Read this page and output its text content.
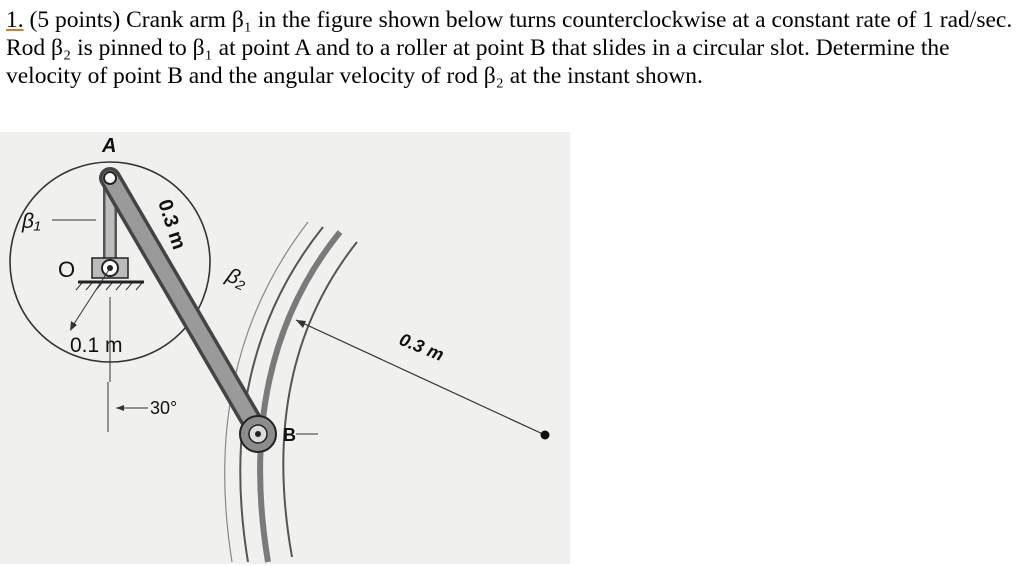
1. (5 points) Crank arm β₁ in the figure shown below turns counterclockwise at a constant rate of 1 rad/sec. Rod β₂ is pinned to β₁ at point A and to a roller at point B that slides in a circular slot. Determine the velocity of point B and the angular velocity of rod β₂ at the instant shown.
A
O
B
β₁
β₂
0.3 m
0.1 m	0.3 m
30°
